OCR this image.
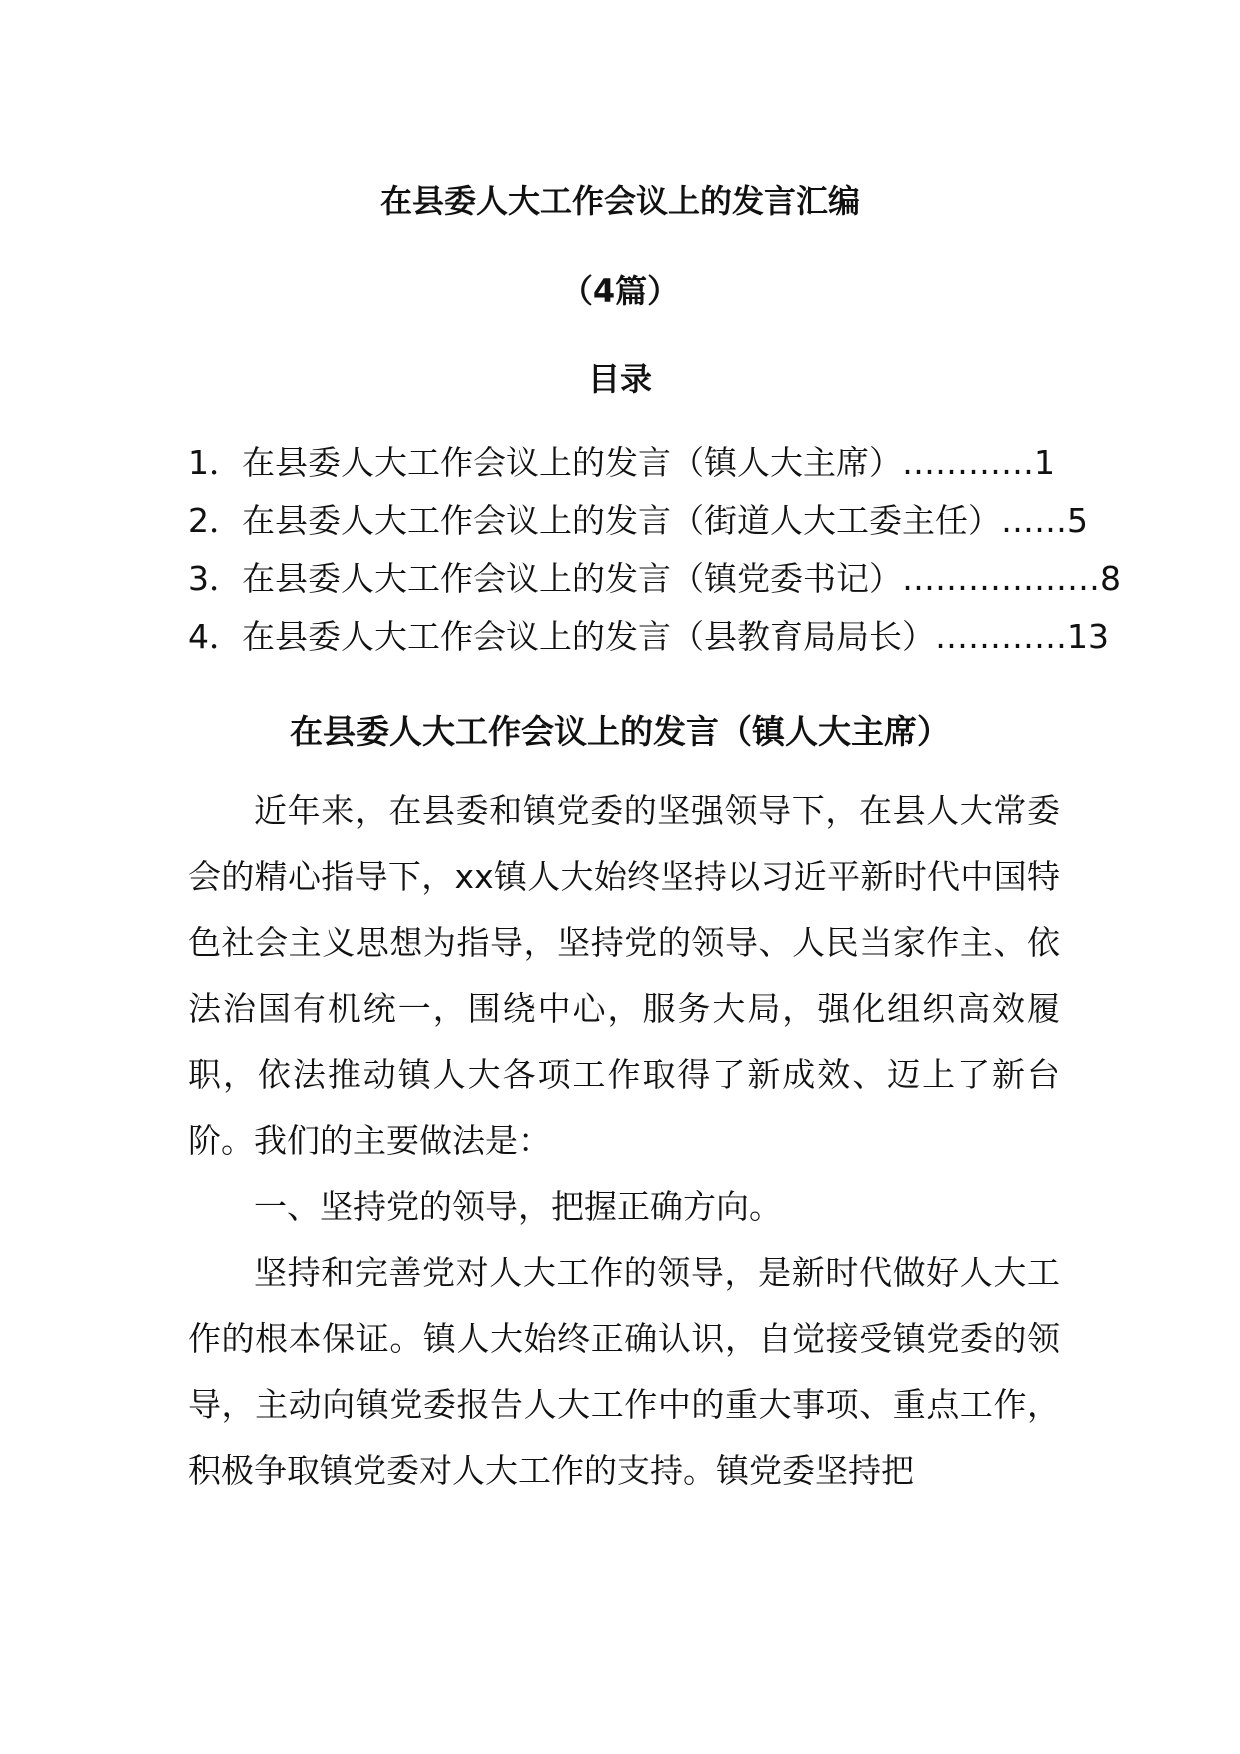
在县委人大工作会议上的发言汇编
（4篇）
目录
1．在县委人大工作会议上的发言（镇人大主席）…………1
2．在县委人大工作会议上的发言（街道人大工委主任）……5
3．在县委人大工作会议上的发言（镇党委书记）………………8
4．在县委人大工作会议上的发言（县教育局局长）…………13
在县委人大工作会议上的发言（镇人大主席）

近年来，在县委和镇党委的坚强领导下，在县人大常委会的精心指导下，xx镇人大始终坚持以习近平新时代中国特色社会主义思想为指导，坚持党的领导、人民当家作主、依法治国有机统一，围绕中心，服务大局，强化组织高效履职，依法推动镇人大各项工作取得了新成效、迈上了新台阶。我们的主要做法是：

一、坚持党的领导，把握正确方向。

坚持和完善党对人大工作的领导，是新时代做好人大工作的根本保证。镇人大始终正确认识，自觉接受镇党委的领导，主动向镇党委报告人大工作中的重大事项、重点工作，积极争取镇党委对人大工作的支持。镇党委坚持把
